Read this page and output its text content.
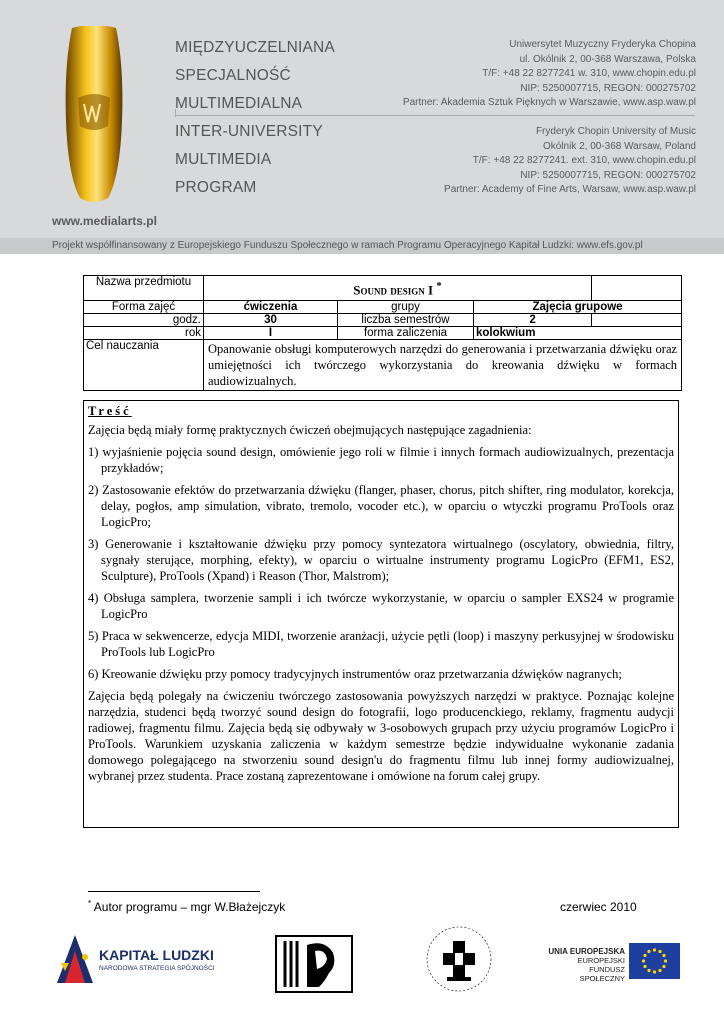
www.medialarts.pl
MIĘDZYUCZELNIANA
SPECJALNOŚĆ
MULTIMEDIALNA
INTER-UNIVERSITY
MULTIMEDIA
PROGRAM
Uniwersytet Muzyczny Fryderyka Chopina
ul. Okólnik 2, 00-368 Warszawa, Polska
T/F: +48 22 8277241 w. 310, www.chopin.edu.pl
NIP: 5250007715, REGON: 000275702
Partner: Akademia Sztuk Pięknych w Warszawie, www.asp.waw.pl
Fryderyk Chopin University of Music
Okólnik 2, 00-368 Warsaw, Poland
T/F: +48 22 8277241. ext. 310, www.chopin.edu.pl
NIP: 5250007715, REGON: 000275702
Partner: Academy of Fine Arts, Warsaw, www.asp.waw.pl
Projekt współfinansowany z Europejskiego Funduszu Społecznego w ramach Programu Operacyjnego Kapitał Ludzki: www.efs.gov.pl
Nazwa przedmiotu	Sound design I *	
Forma zajęć	ćwiczenia	grupy	Zajęcia grupowe	
godz.	30	liczba semestrów	2	
rok	I	forma zaliczenia	kolokwium	
Cel nauczania	Opanowanie obsługi komputerowych narzędzi do generowania i przetwarzania dźwięku oraz umiejętności ich twórczego wykorzystania do kreowania dźwięku w formach audiowizualnych.			
Treść

Zajęcia będą miały formę praktycznych ćwiczeń obejmujących następujące zagadnienia:

1) wyjaśnienie pojęcia sound design, omówienie jego roli w filmie i innych formach audiowizualnych, prezentacja przykładów;

2) Zastosowanie efektów do przetwarzania dźwięku (flanger, phaser, chorus, pitch shifter, ring modulator, korekcja, delay, pogłos, amp simulation, vibrato, tremolo, vocoder etc.), w oparciu o wtyczki programu ProTools oraz LogicPro;

3) Generowanie i kształtowanie dźwięku przy pomocy syntezatora wirtualnego (oscylatory, obwiednia, filtry, sygnały sterujące, morphing, efekty), w oparciu o wirtualne instrumenty programu LogicPro (EFM1, ES2, Sculpture), ProTools (Xpand) i Reason (Thor, Malstrom);

4) Obsługa samplera, tworzenie sampli i ich twórcze wykorzystanie, w oparciu o sampler EXS24 w programie LogicPro

5) Praca w sekwencerze, edycja MIDI, tworzenie aranżacji, użycie pętli (loop) i maszyny perkusyjnej w środowisku ProTools lub LogicPro

6) Kreowanie dźwięku przy pomocy tradycyjnych instrumentów oraz przetwarzania dźwięków nagranych;

Zajęcia będą polegały na ćwiczeniu twórczego zastosowania powyższych narzędzi w praktyce. Poznając kolejne narzędzia, studenci będą tworzyć sound design do fotografii, logo producenckiego, reklamy, fragmentu audycji radiowej, fragmentu filmu. Zajęcia będą się odbywały w 3-osobowych grupach przy użyciu programów LogicPro i ProTools. Warunkiem uzyskania zaliczenia w każdym semestrze będzie indywidualne wykonanie zadania domowego polegającego na stworzeniu sound design'u do fragmentu filmu lub innej formy audiowizualnej, wybranej przez studenta. Prace zostaną zaprezentowane i omówione na forum całej grupy.

* Autor programu – mgr W.Błażejczyk	czerwiec 2010
KAPITAŁ LUDZKI
NARODOWA STRATEGIA SPÓJNOŚCI
UNIA EUROPEJSKA
EUROPEJSKI
FUNDUSZ SPOŁECZNY
